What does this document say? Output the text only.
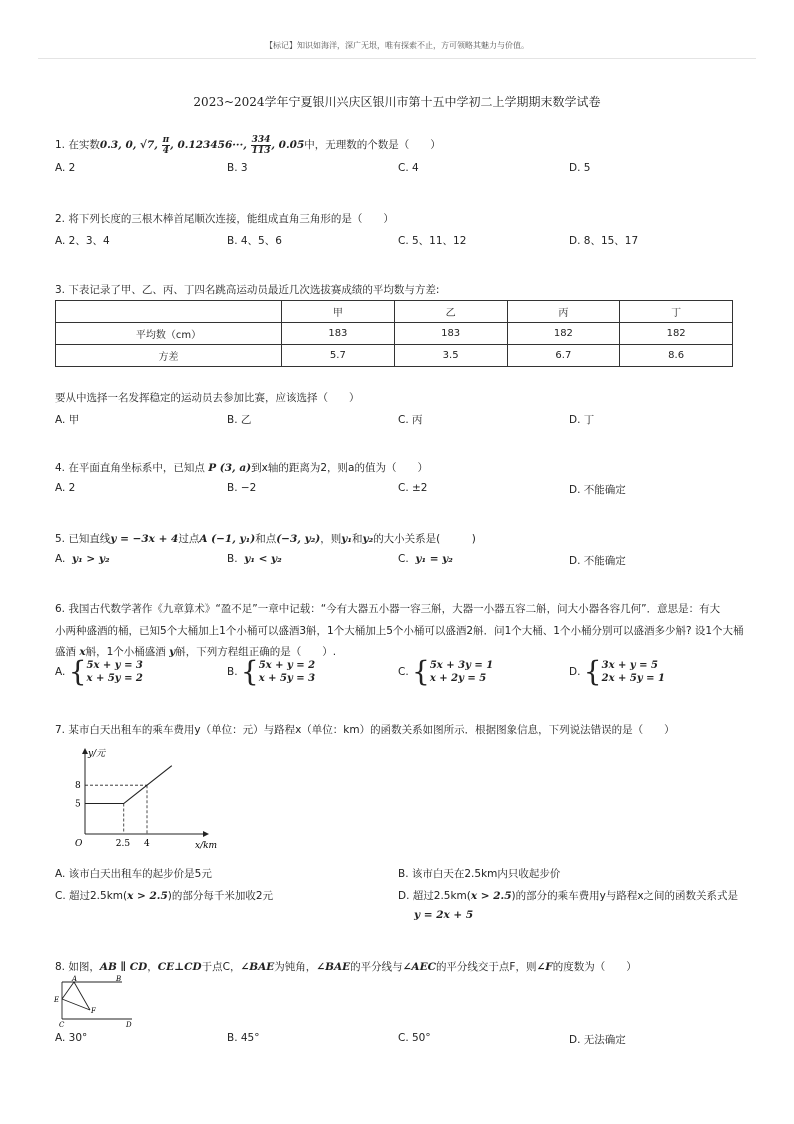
【标记】知识如海洋，深广无垠，唯有探索不止，方可领略其魅力与价值。
2023~2024学年宁夏银川兴庆区银川市第十五中学初二上学期期末数学试卷
1. 在实数0.3, 0, √7, $\frac{\pi}{4}$ , 0.123456···, $\frac{334}{113}$ , 0.0̇5̇中，无理数的个数是（　　）
A. 2	B. 3	C. 4	D. 5
2. 将下列长度的三根木棒首尾顺次连接，能组成直角三角形的是（　　）
A. 2、3、4	B. 4、5、6	C. 5、11、12	D. 8、15、17
3. 下表记录了甲、乙、丙、丁四名跳高运动员最近几次选拔赛成绩的平均数与方差:
	甲	乙	丙	丁
平均数（cm）	183	183	182	182
方差	5.7	3.5	6.7	8.6
要从中选择一名发挥稳定的运动员去参加比赛，应该选择（　　）
A. 甲	B. 乙	C. 丙	D. 丁
4. 在平面直角坐标系中，已知点 P (3, a)到x轴的距离为2，则a的值为（　　）
A. 2	B. −2	C. ±2	D. 不能确定
5. 已知直线y = −3x + 4过点A (−1, y₁)和点(−3, y₂)，则y₁和y₂的大小关系是(　　　)
A. y₁ > y₂	B. y₁ < y₂	C. y₁ = y₂	D. 不能确定
6. 我国古代数学著作《九章算术》“盈不足”一章中记载：“今有大器五小器一容三斛，大器一小器五容二斛，问大小器各容几何”．意思是：有大
小两种盛酒的桶，已知5个大桶加上1个小桶可以盛酒3斛，1个大桶加上5个小桶可以盛酒2斛．问1个大桶、1个小桶分别可以盛酒多少斛? 设1个大桶
盛酒 x斛，1个小桶盛酒 y斛，下列方程组正确的是（　　）.
A. {5x + y = 3
x + 5y = 2
B. {5x + y = 2
x + 5y = 3
C. {5x + 3y = 1
x + 2y = 5
D. {3x + y = 5
2x + 5y = 1
7. 某市白天出租车的乘车费用y（单位：元）与路程x（单位：km）的函数关系如图所示．根据图象信息，下列说法错误的是（　　）
y/元
x/km
O
8
5
2.5 4
A. 该市白天出租车的起步价是5元	B. 该市白天在2.5km内只收起步价
C. 超过2.5km(x > 2.5)的部分每千米加收2元	D. 超过2.5km(x > 2.5)的部分的乘车费用y与路程x之间的函数关系式是
y = 2x + 5
8. 如图，AB ∥ CD，CE⊥CD于点C，∠BAE为钝角，∠BAE的平分线与∠AEC的平分线交于点F，则∠F的度数为（　　）
A	B
E
F
C	D
A. 30°	B. 45°	C. 50°	D. 无法确定
